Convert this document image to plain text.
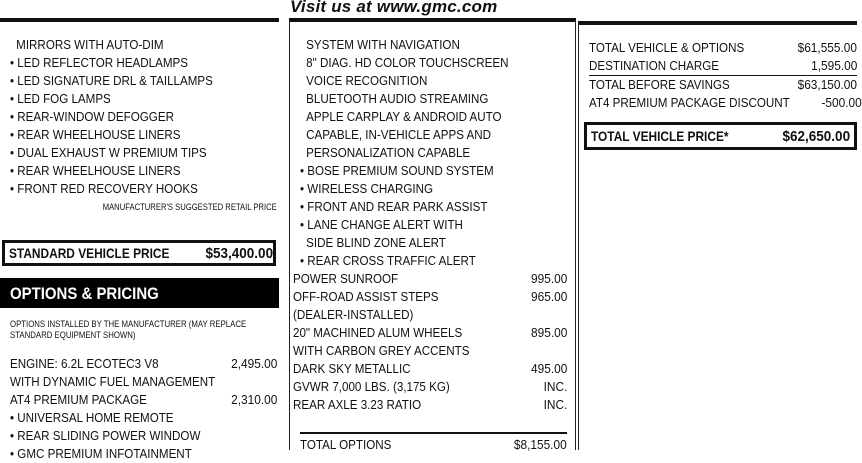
Visit us at www.gmc.com
MIRRORS WITH AUTO-DIM
• LED REFLECTOR HEADLAMPS
• LED SIGNATURE DRL & TAILLAMPS
• LED FOG LAMPS
• REAR-WINDOW DEFOGGER
• REAR WHEELHOUSE LINERS
• DUAL EXHAUST W PREMIUM TIPS
• REAR WHEELHOUSE LINERS
• FRONT RED RECOVERY HOOKS
MANUFACTURER'S SUGGESTED RETAIL PRICE
STANDARD VEHICLE PRICE $53,400.00
OPTIONS & PRICING
OPTIONS INSTALLED BY THE MANUFACTURER (MAY REPLACE STANDARD EQUIPMENT SHOWN)
ENGINE: 6.2L ECOTEC3 V8	2,495.00
WITH DYNAMIC FUEL MANAGEMENT
AT4 PREMIUM PACKAGE	2,310.00
• UNIVERSAL HOME REMOTE
• REAR SLIDING POWER WINDOW
• GMC PREMIUM INFOTAINMENT
SYSTEM WITH NAVIGATION
8" DIAG. HD COLOR TOUCHSCREEN
VOICE RECOGNITION
BLUETOOTH AUDIO STREAMING
APPLE CARPLAY & ANDROID AUTO
CAPABLE, IN-VEHICLE APPS AND
PERSONALIZATION CAPABLE
• BOSE PREMIUM SOUND SYSTEM
• WIRELESS CHARGING
• FRONT AND REAR PARK ASSIST
• LANE CHANGE ALERT WITH
SIDE BLIND ZONE ALERT
• REAR CROSS TRAFFIC ALERT
POWER SUNROOF	995.00
OFF-ROAD ASSIST STEPS	965.00
(DEALER-INSTALLED)
20" MACHINED ALUM WHEELS	895.00
WITH CARBON GREY ACCENTS
DARK SKY METALLIC	495.00
GVWR 7,000 LBS. (3,175 KG)	INC.
REAR AXLE 3.23 RATIO	INC.
TOTAL OPTIONS	$8,155.00
TOTAL VEHICLE & OPTIONS	$61,555.00
DESTINATION CHARGE	1,595.00
TOTAL BEFORE SAVINGS	$63,150.00
AT4 PREMIUM PACKAGE DISCOUNT -500.00
TOTAL VEHICLE PRICE*	$62,650.00
